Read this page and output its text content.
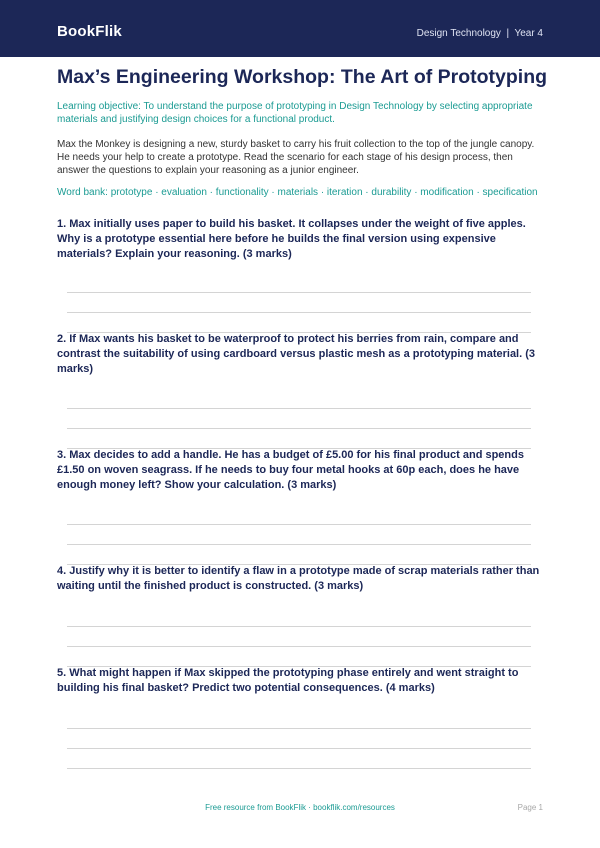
BookFlik	Design Technology  |  Year 4
Max’s Engineering Workshop: The Art of Prototyping

Learning objective: To understand the purpose of prototyping in Design Technology by selecting appropriate materials and justifying design choices for a functional product.

Max the Monkey is designing a new, sturdy basket to carry his fruit collection to the top of the jungle canopy. He needs your help to create a prototype. Read the scenario for each stage of his design process, then answer the questions to explain your reasoning as a junior engineer.

Word bank: prototype · evaluation · functionality · materials · iteration · durability · modification · specification

1. Max initially uses paper to build his basket. It collapses under the weight of five apples. Why is a prototype essential here before he builds the final version using expensive materials? Explain your reasoning. (3 marks)

2. If Max wants his basket to be waterproof to protect his berries from rain, compare and contrast the suitability of using cardboard versus plastic mesh as a prototyping material. (3 marks)

3. Max decides to add a handle. He has a budget of £5.00 for his final product and spends £1.50 on woven seagrass. If he needs to buy four metal hooks at 60p each, does he have enough money left? Show your calculation. (3 marks)

4. Justify why it is better to identify a flaw in a prototype made of scrap materials rather than waiting until the finished product is constructed. (3 marks)

5. What might happen if Max skipped the prototyping phase entirely and went straight to building his final basket? Predict two potential consequences. (4 marks)

Free resource from BookFlik · bookflik.com/resources	Page 1
